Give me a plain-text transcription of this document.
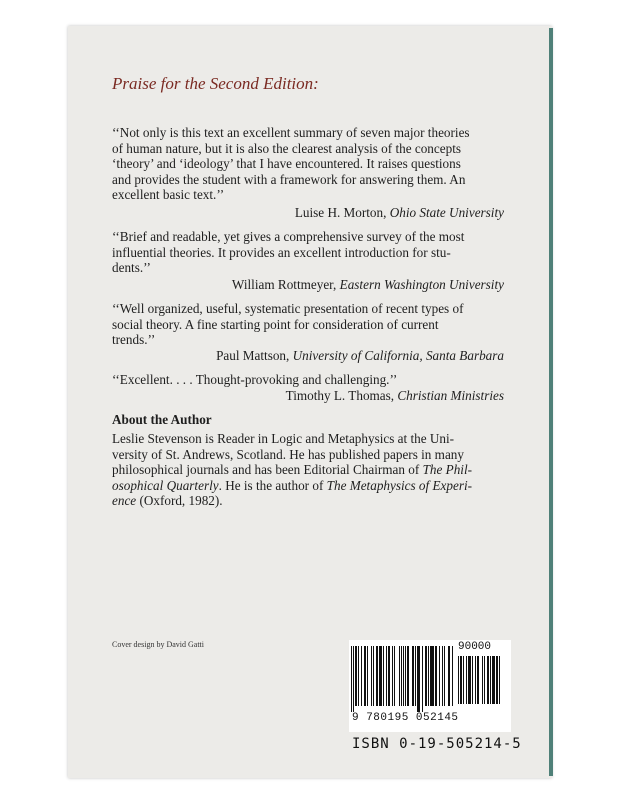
Praise for the Second Edition:
‘‘Not only is this text an excellent summary of seven major theories
of human nature, but it is also the clearest analysis of the concepts
‘theory’ and ‘ideology’ that I have encountered. It raises questions
and provides the student with a framework for answering them. An
excellent basic text.’’
Luise H. Morton, Ohio State University
‘‘Brief and readable, yet gives a comprehensive survey of the most
influential theories. It provides an excellent introduction for stu-
dents.’’
William Rottmeyer, Eastern Washington University
‘‘Well organized, useful, systematic presentation of recent types of
social theory. A fine starting point for consideration of current
trends.’’
Paul Mattson, University of California, Santa Barbara
‘‘Excellent. . . . Thought-provoking and challenging.’’
Timothy L. Thomas, Christian Ministries
About the Author
Leslie Stevenson is Reader in Logic and Metaphysics at the Uni-
versity of St. Andrews, Scotland. He has published papers in many
philosophical journals and has been Editorial Chairman of The Phil-
osophical Quarterly. He is the author of The Metaphysics of Experi-
ence (Oxford, 1982).
Cover design by David Gatti	90000
9 780195 052145
ISBN 0-19-505214-5
